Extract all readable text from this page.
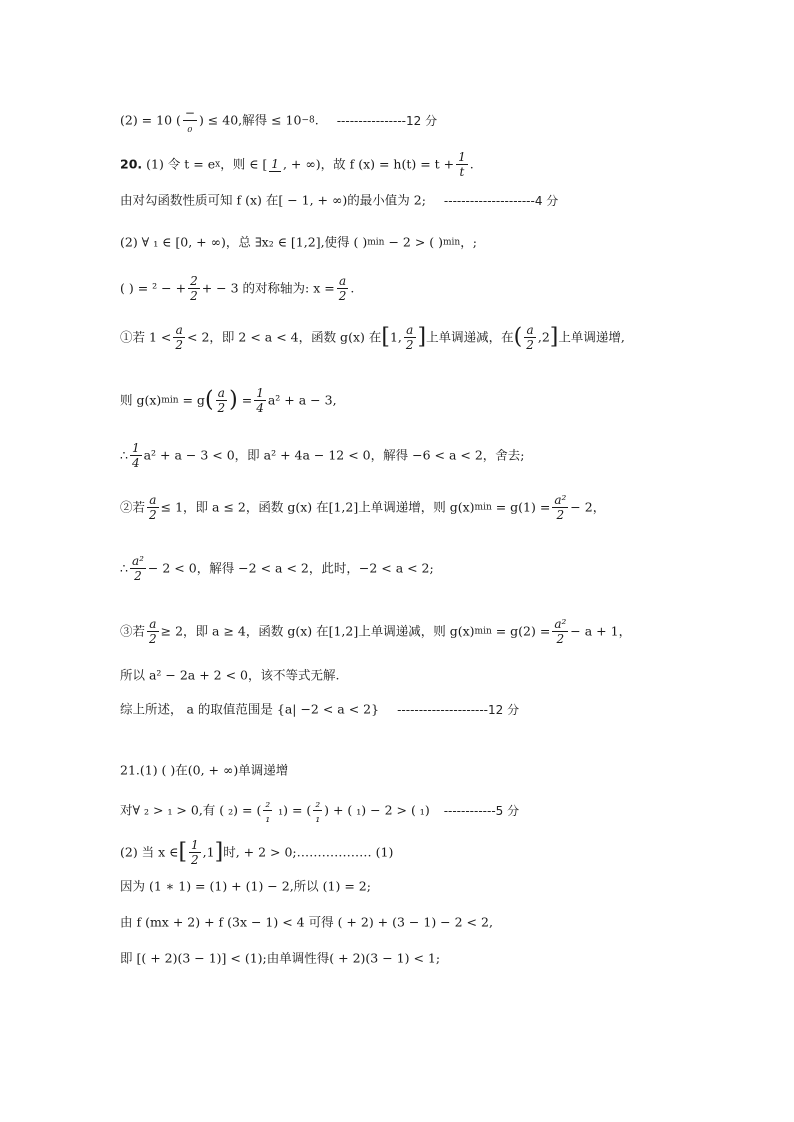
(2) = 10 ( $\frac{-}{\text{₀}}$ ) ≤ 40,解得 ≤ 10−8. ----------------12 分
20. (1) 令 t = ex，则 ∈ [ 1 , + ∞)，故 f $(x) = h(t) = t + \frac{1}{t}$ .
由对勾函数性质可知 f (x) 在[ − 1, + ∞)的最小值为 2; ---------------------4 分
(2) ∀ ₁ ∈ [0, + ∞)，总 ∃x₂ ∈ [1,2],使得 ( )min − 2 > ( )min，;
( ) = ² − + $\frac{2}{2}$ + − 3 的对称轴为: $x = \frac{a}{2}$ .
①若 $1 < \frac{a}{2} < 2$，即 2 < a < 4，函数 g(x) 在[1, $\frac{a}{2}$ ]上单调递减，在( $\frac{a}{2} ,2$]上单调递增,
则 $g(x)\min = g( \frac{a}{2}$ ) = $\frac{1}{4} a^2 + a - 3$,
∴ $\frac{1}{4} a^2 + a - 3 < 0$，即 a² + 4a − 12 < 0，解得 −6 < a < 2，舍去;
②若 $\frac{a}{2} \le 1$，即 a ≤ 2，函数 g(x) 在[1,2]上单调递增，则 $g(x)\min = g(1) = \frac{\text{a²}}{2} - 2$，
∴ $\frac{\text{a²}}{2} - 2 < 0$，解得 −2 < a < 2，此时，−2 < a < 2;
③若 $\frac{a}{2} \ge 2$，即 a ≥ 4，函数 g(x) 在[1,2]上单调递减，则 $g(x)\min = g(2) = \frac{\text{a²}}{2} - a + 1$，
所以 a² − 2a + 2 < 0，该不等式无解.
综上所述， a 的取值范围是 {a| −2 < a < 2} ---------------------12 分
21.(1) ( )在(0, + ∞)单调递增
对∀ ₂ > ₁ > 0,有 ( ₂) = ( $\frac{\text{₂}}{\text{₁}} _1$) = ( $\frac{\text{₂}}{\text{₁}}$ ) + ( ₁) − 2 > ( ₁) ------------5 分
(2) 当 x ∈[ $\frac{1}{2} ,1$]时, + 2 > 0;……………… (1)
因为 (1 ∗ 1) = (1) + (1) − 2,所以 (1) = 2;
由 f (mx + 2) + f (3x − 1) < 4 可得 ( + 2) + (3 − 1) − 2 < 2,
即 [( + 2)(3 − 1)] < (1);由单调性得( + 2)(3 − 1) < 1;
